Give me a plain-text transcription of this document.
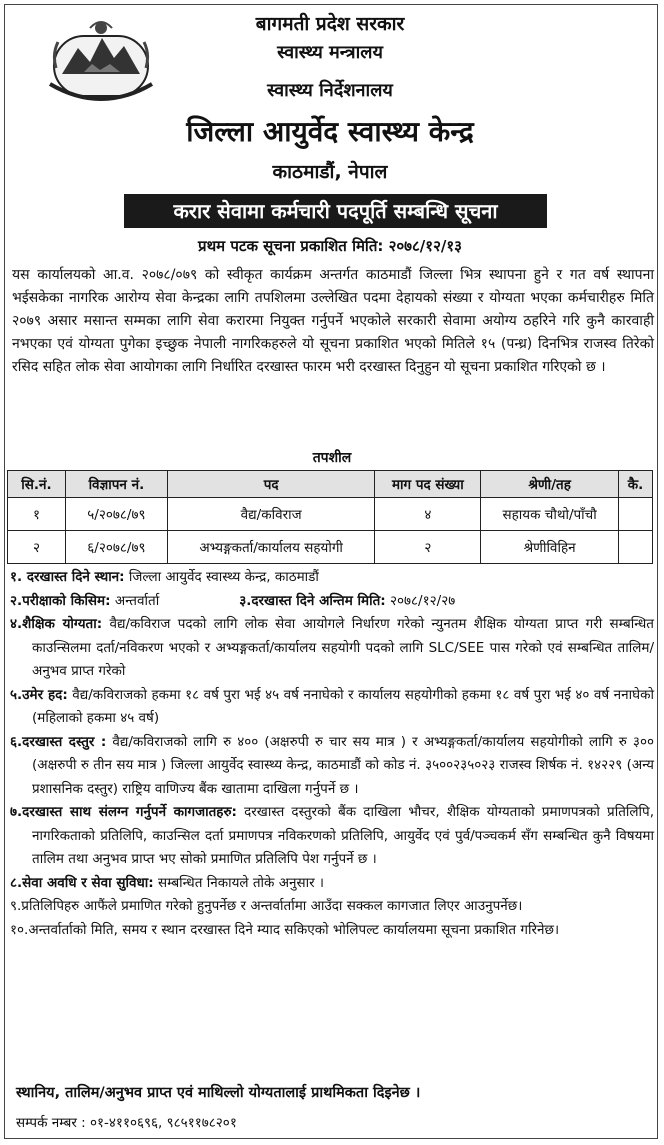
बागमती प्रदेश सरकार
स्वास्थ्य मन्त्रालय
स्वास्थ्य निर्देशनालय
जिल्ला आयुर्वेद स्वास्थ्य केन्द्र
काठमाडौं, नेपाल
करार सेवामा कर्मचारी पदपूर्ति सम्बन्धि सूचना
प्रथम पटक सूचना प्रकाशित मिति: २०७८/१२/१३
यस कार्यालयको आ.व. २०७८/०७९ को स्वीकृत कार्यक्रम अन्तर्गत काठमाडौं जिल्ला भित्र स्थापना हुने र गत वर्ष स्थापना भईसकेका नागरिक आरोग्य सेवा केन्द्रका लागि तपशिलमा उल्लेखित पदमा देहायको संख्या र योग्यता भएका कर्मचारीहरु मिति २०७९ असार मसान्त सम्मका लागि सेवा करारमा नियुक्त गर्नुपर्ने भएकोले सरकारी सेवामा अयोग्य ठहरिने गरि कुनै कारवाही नभएका एवं योग्यता पुगेका इच्छुक नेपाली नागरिकहरुले यो सूचना प्रकाशित भएको मितिले १५ (पन्ध्र) दिनभित्र राजस्व तिरेको रसिद सहित लोक सेवा आयोगका लागि निर्धारित दरखास्त फारम भरी दरखास्त दिनुहुन यो सूचना प्रकाशित गरिएको छ ।
तपशील
सि.नं.	विज्ञापन नं.	पद	माग पद संख्या	श्रेणी/तह	कै.
१	५/२०७८/७९	वैद्य/कविराज	४	सहायक चौथो/पाँचौ	
२	६/२०७८/७९	अभ्यङ्गकर्ता/कार्यालय सहयोगी	२	श्रेणीविहिन	

१. दरखास्त दिने स्थान: जिल्ला आयुर्वेद स्वास्थ्य केन्द्र, काठमाडौं

२.परीक्षाको किसिम: अन्तर्वार्ता	३.दरखास्त दिने अन्तिम मिति: २०७८/१२/२७

४.शैक्षिक योग्यता: वैद्य/कविराज पदको लागि लोक सेवा आयोगले निर्धारण गरेको न्युनतम शैक्षिक योग्यता प्राप्त गरी सम्बन्धित काउन्सिलमा दर्ता/नविकरण भएको र अभ्यङ्गकर्ता/कार्यालय सहयोगी पदको लागि SLC/SEE पास गरेको एवं सम्बन्धित तालिम/अनुभव प्राप्त गरेको

५.उमेर हद: वैद्य/कविराजको हकमा १८ वर्ष पुरा भई ४५ वर्ष ननाघेको र कार्यालय सहयोगीको हकमा १८ वर्ष पुरा भई ४० वर्ष ननाघेको (महिलाको हकमा ४५ वर्ष)

६.दरखास्त दस्तुर : वैद्य/कविराजको लागि रु ४०० (अक्षरुपी रु चार सय मात्र ) र अभ्यङ्गकर्ता/कार्यालय सहयोगीको लागि रु ३०० (अक्षरुपी रु तीन सय मात्र ) जिल्ला आयुर्वेद स्वास्थ्य केन्द्र, काठमाडौं को कोड नं. ३५००२३५०२३ राजस्व शिर्षक नं. १४२२९ (अन्य प्रशासनिक दस्तुर) राष्ट्रिय वाणिज्य बैंक खातामा दाखिला गर्नुपर्ने छ ।

७.दरखास्त साथ संलग्न गर्नुपर्ने कागजातहरु: दरखास्त दस्तुरको बैंक दाखिला भौचर, शैक्षिक योग्यताको प्रमाणपत्रको प्रतिलिपि, नागरिकताको प्रतिलिपि, काउन्सिल दर्ता प्रमाणपत्र नविकरणको प्रतिलिपि, आयुर्वेद एवं पुर्व/पञ्चकर्म सँग सम्बन्धित कुनै विषयमा तालिम तथा अनुभव प्राप्त भए सोको प्रमाणित प्रतिलिपि पेश गर्नुपर्ने छ ।

८.सेवा अवधि र सेवा सुविधा: सम्बन्धित निकायले तोके अनुसार ।

९.प्रतिलिपिहरु आफैंले प्रमाणित गरेको हुनुपर्नेछ र अन्तर्वार्तामा आउँदा सक्कल कागजात लिएर आउनुपर्नेछ।

१०.अन्तर्वार्ताको मिति, समय र स्थान दरखास्त दिने म्याद सकिएको भोलिपल्ट कार्यालयमा सूचना प्रकाशित गरिनेछ।

स्थानिय, तालिम/अनुभव प्राप्त एवं माथिल्लो योग्यतालाई प्राथमिकता दिइनेछ ।
सम्पर्क नम्बर : ०१-४११०६९६, ९८५११७८२०१
